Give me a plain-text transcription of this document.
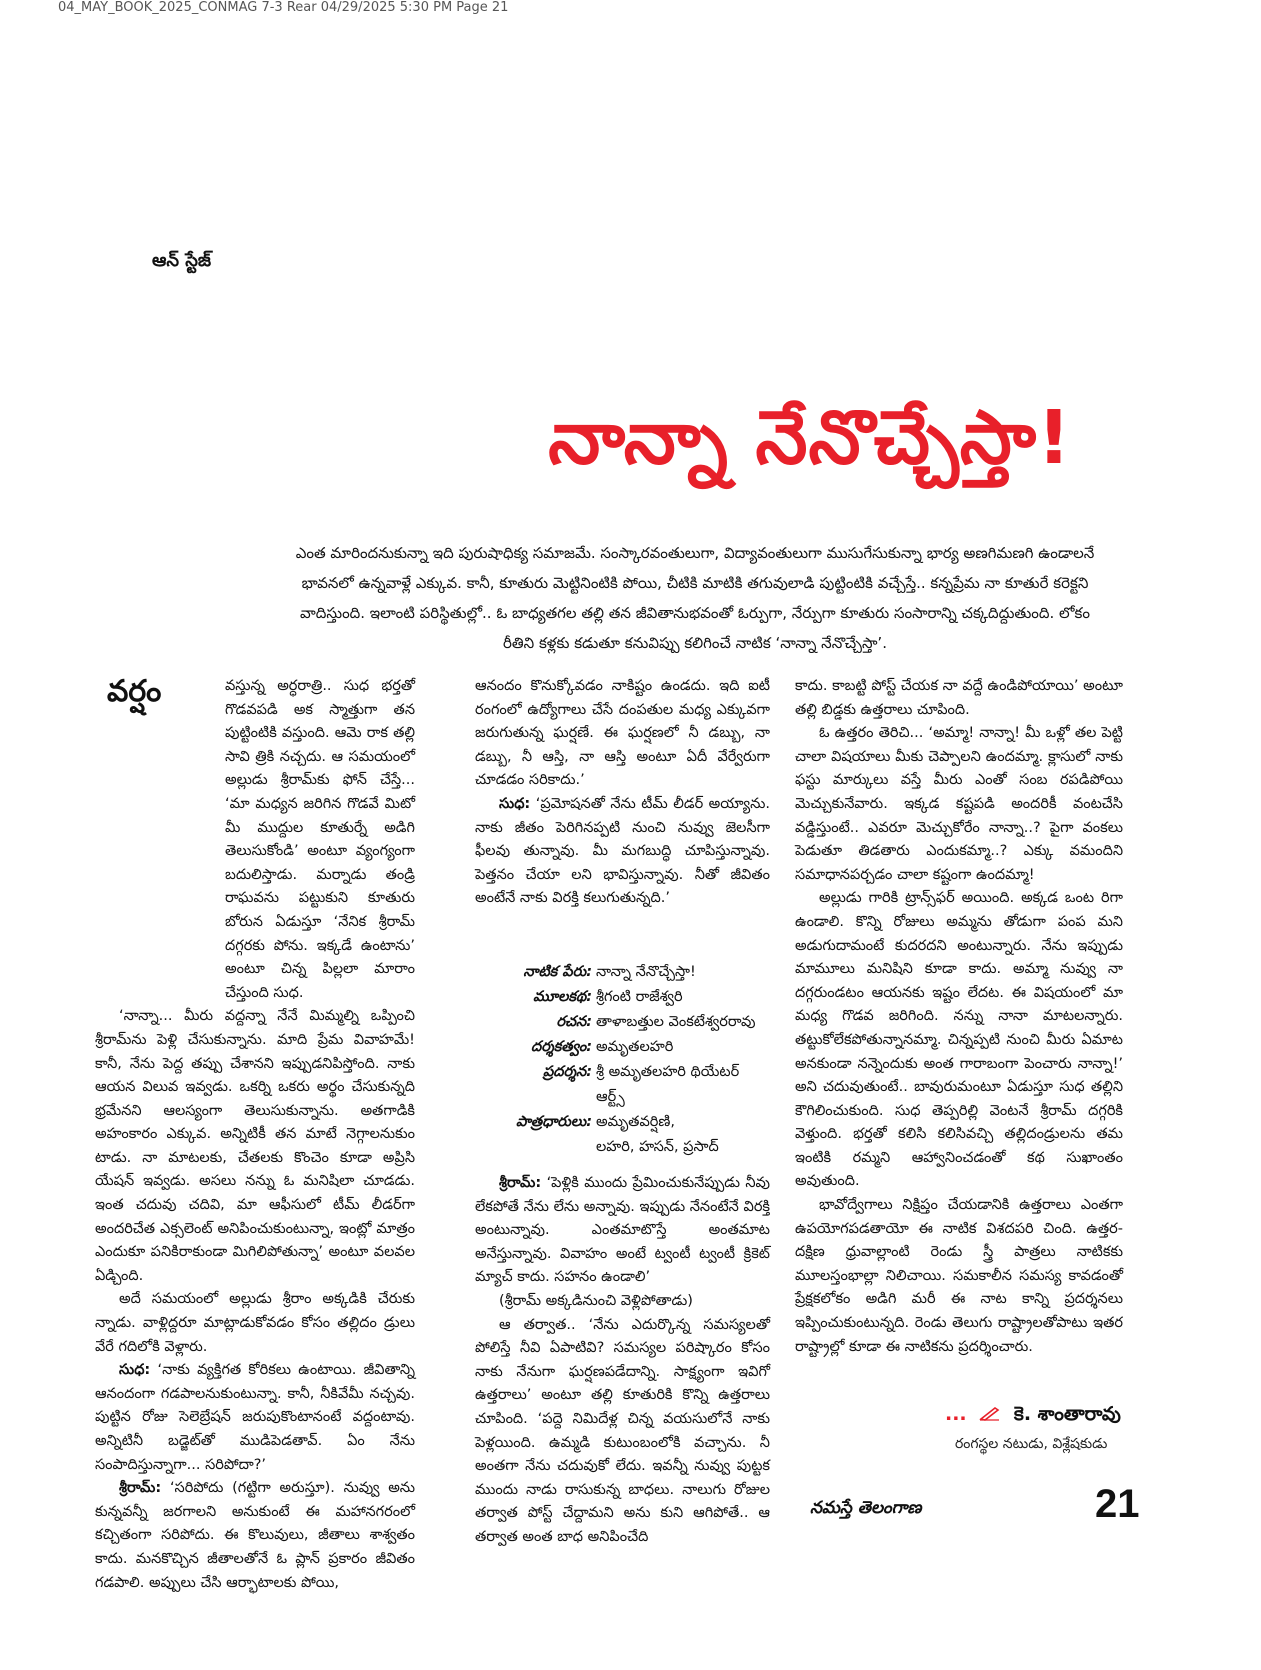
04_MAY_BOOK_2025_CONMAG 7-3 Rear 04/29/2025 5:30 PM Page 21
ఆన్ స్టేజ్
నాన్నా నేనొచ్చేస్తా!
ఎంత మారిందనుకున్నా ఇది పురుషాధిక్య సమాజమే. సంస్కారవంతులుగా, విద్యావంతులుగా ముసుగేసుకున్నా భార్య అణగిమణగి ఉండాలనే భావనలో ఉన్నవాళ్లే ఎక్కువ. కానీ, కూతురు మెట్టినింటికి పోయి, చీటికి మాటికి తగువులాడి పుట్టింటికి వచ్చేస్తే.. కన్నప్రేమ నా కూతురే కరెక్టని వాదిస్తుంది. ఇలాంటి పరిస్థితుల్లో.. ఓ బాధ్యతగల తల్లి తన జీవితానుభవంతో ఓర్పుగా, నేర్పుగా కూతురు సంసారాన్ని చక్కదిద్దుతుంది. లోకం రీతిని కళ్లకు కడుతూ కనువిప్పు కలిగించే నాటిక ‘నాన్నా నేనొచ్చేస్తా’.
వర్షం	వస్తున్న అర్ధరాత్రి.. సుధ భర్తతో గొడవపడి అక స్మాత్తుగా తన పుట్టింటికి వస్తుంది. ఆమె రాక తల్లి సావి త్రికి నచ్చదు. ఆ సమయంలో అల్లుడు శ్రీరామ్‌కు ఫోన్ చేస్తే... ‘మా మధ్యన జరిగిన గొడవే మిటో మీ ముద్దుల కూతుర్నే అడిగి తెలుసుకోండి’ అంటూ వ్యంగ్యంగా బదులిస్తాడు. మర్నాడు తండ్రి రాఘవను పట్టుకుని కూతురు బోరున ఏడుస్తూ ‘నేనిక శ్రీరామ్ దగ్గరకు పోను. ఇక్కడే ఉంటాను’ అంటూ చిన్న పిల్లలా మారాం చేస్తుంది సుధ.

‘నాన్నా... మీరు వద్దన్నా నేనే మిమ్మల్ని ఒప్పించి శ్రీరామ్‌ను పెళ్లి చేసుకున్నాను. మాది ప్రేమ వివాహమే! కానీ, నేను పెద్ద తప్పు చేశానని ఇప్పుడనిపిస్తోంది. నాకు ఆయన విలువ ఇవ్వడు. ఒకర్ని ఒకరు అర్థం చేసుకున్నది భ్రమేనని ఆలస్యంగా తెలుసుకున్నాను. అతగాడికి అహంకారం ఎక్కువ. అన్నిటికీ తన మాటే నెగ్గాలనుకుం టాడు. నా మాటలకు, చేతలకు కొంచెం కూడా అప్రిసి యేషన్ ఇవ్వడు. అసలు నన్ను ఓ మనిషిలా చూడడు. ఇంత చదువు చదివి, మా ఆఫీసులో టీమ్ లీడర్‌గా అందరిచేత ఎక్సలెంట్ అనిపించుకుంటున్నా, ఇంట్లో మాత్రం ఎందుకూ పనికిరాకుండా మిగిలిపోతున్నా’ అంటూ వలవల ఏడ్చింది.

అదే సమయంలో అల్లుడు శ్రీరాం అక్కడికి చేరుకు న్నాడు. వాళ్లిద్దరూ మాట్లాడుకోవడం కోసం తల్లిదం డ్రులు వేరే గదిలోకి వెళ్లారు.

సుధ: ‘నాకు వ్యక్తిగత కోరికలు ఉంటాయి. జీవితాన్ని ఆనందంగా గడపాలనుకుంటున్నా. కానీ, నీకివేమీ నచ్చవు. పుట్టిన రోజు సెలెబ్రేషన్ జరుపుకొంటానంటే వద్దంటావు. అన్నిటినీ బడ్జెట్‌తో ముడిపెడతావ్. ఏం నేను సంపాదిస్తున్నాగా... సరిపోదా?’

శ్రీరామ్: ‘సరిపోదు (గట్టిగా అరుస్తూ). నువ్వు అను కున్నవన్నీ జరగాలని అనుకుంటే ఈ మహానగరంలో కచ్చితంగా సరిపోదు. ఈ కొలువులు, జీతాలు శాశ్వతం కాదు. మనకొచ్చిన జీతాలతోనే ఓ ప్లాన్ ప్రకారం జీవితం గడపాలి. అప్పులు చేసి ఆర్భాటాలకు పోయి,

ఆనందం కొనుక్కోవడం నాకిష్టం ఉండదు. ఇది ఐటీ రంగంలో ఉద్యోగాలు చేసే దంపతుల మధ్య ఎక్కువగా జరుగుతున్న ఘర్షణే. ఈ ఘర్షణలో నీ డబ్బు, నా డబ్బు, నీ ఆస్తి, నా ఆస్తి అంటూ ఏదీ వేర్వేరుగా చూడడం సరికాదు.’

సుధ: ‘ప్రమోషనతో నేను టీమ్ లీడర్ అయ్యాను. నాకు జీతం పెరిగినప్పటి నుంచి నువ్వు జెలసీగా ఫీలవు తున్నావు. మీ మగబుద్ధి చూపిస్తున్నావు. పెత్తనం చేయా లని భావిస్తున్నావు. నీతో జీవితం అంటేనే నాకు విరక్తి కలుగుతున్నది.’

నాటిక పేరు: నాన్నా నేనొచ్చేస్తా!
మూలకథ: శ్రీగంటి రాజేశ్వరి
రచన: తాళాబత్తుల వెంకటేశ్వరరావు
దర్శకత్వం: అమృతలహరి
ప్రదర్శన: శ్రీ అమృతలహరి థియేటర్ ఆర్ట్స్
పాత్రధారులు: అమృతవర్షిణి,
లహరి, హసన్, ప్రసాద్

శ్రీరామ్: ‘పెళ్లికి ముందు ప్రేమించుకునేప్పుడు నీవు లేకపోతే నేను లేను అన్నావు. ఇప్పుడు నేనంటేనే విరక్తి అంటున్నావు. ఎంతమాటొస్తే అంతమాట అనేస్తున్నావు. వివాహం అంటే ట్వంటీ ట్వంటీ క్రికెట్ మ్యాచ్ కాదు. సహనం ఉండాలి’

(శ్రీరామ్ అక్కడినుంచి వెళ్లిపోతాడు)

ఆ తర్వాత.. ‘నేను ఎదుర్కొన్న సమస్యలతో పోలిస్తే నీవి ఏపాటివి? సమస్యల పరిష్కారం కోసం నాకు నేనుగా ఘర్షణపడేదాన్ని. సాక్ష్యంగా ఇవిగో ఉత్తరాలు’ అంటూ తల్లి కూతురికి కొన్ని ఉత్తరాలు చూపింది. ‘పద్దె నిమిదేళ్ల చిన్న వయసులోనే నాకు పెళ్లయింది. ఉమ్మడి కుటుంబంలోకి వచ్చాను. నీ అంతగా నేను చదువుకో లేదు. ఇవన్నీ నువ్వు పుట్టక ముందు నాడు రాసుకున్న బాధలు. నాలుగు రోజుల తర్వాత పోస్ట్ చేద్దామని అను కుని ఆగిపోతే.. ఆ తర్వాత అంత బాధ అనిపించేది

కాదు. కాబట్టి పోస్ట్ చేయక నా వద్దే ఉండిపోయాయి’ అంటూ తల్లి బిడ్డకు ఉత్తరాలు చూపింది.

ఓ ఉత్తరం తెరిచి... ‘అమ్మా! నాన్నా! మీ ఒళ్లో తల పెట్టి చాలా విషయాలు మీకు చెప్పాలని ఉందమ్మా. క్లాసులో నాకు ఫస్టు మార్కులు వస్తే మీరు ఎంతో సంబ రపడిపోయి మెచ్చుకునేవారు. ఇక్కడ కష్టపడి అందరికీ వంటచేసి వడ్డిస్తుంటే.. ఎవరూ మెచ్చుకోరేం నాన్నా..? పైగా వంకలు పెడుతూ తిడతారు ఎందుకమ్మా..? ఎక్కు వమందిని సమాధానపర్చడం చాలా కష్టంగా ఉందమ్మా!

అల్లుడు గారికి ట్రాన్స్‌ఫర్ అయింది. అక్కడ ఒంట రిగా ఉండాలి. కొన్ని రోజులు అమ్మను తోడుగా పంప మని అడుగుదామంటే కుదరదని అంటున్నారు. నేను ఇప్పుడు మామూలు మనిషిని కూడా కాదు. అమ్మా నువ్వు నా దగ్గరుండటం ఆయనకు ఇష్టం లేదట. ఈ విషయంలో మా మధ్య గొడవ జరిగింది. నన్ను నానా మాటలన్నారు. తట్టుకోలేకపోతున్నానమ్మా. చిన్నప్పటి నుంచి మీరు ఏమాట అనకుండా నన్నెందుకు అంత గారాబంగా పెంచారు నాన్నా!’ అని చదువుతుంటే.. బావురుమంటూ ఏడుస్తూ సుధ తల్లిని కౌగిలించుకుంది. సుధ తెప్పరిల్లి వెంటనే శ్రీరామ్ దగ్గరికి వెళ్తుంది. భర్తతో కలిసి కలిసివచ్చి తల్లిదండ్రులను తమ ఇంటికి రమ్మని ఆహ్వానించడంతో కథ సుఖాంతం అవుతుంది.

భావోద్వేగాలు నిక్షిప్తం చేయడానికి ఉత్తరాలు ఎంతగా ఉపయోగపడతాయో ఈ నాటిక విశదపరి చింది. ఉత్తర-దక్షిణ ధ్రువాల్లాంటి రెండు స్త్రీ పాత్రలు నాటికకు మూలస్తంభాల్లా నిలిచాయి. సమకాలీన సమస్య కావడంతో ప్రేక్షకలోకం అడిగి మరీ ఈ నాట కాన్ని ప్రదర్శనలు ఇప్పించుకుంటున్నది. రెండు తెలుగు రాష్ట్రాలతోపాటు ఇతర రాష్ట్రాల్లో కూడా ఈ నాటికను ప్రదర్శించారు.

... కె. శాంతారావు
రంగస్థల నటుడు, విశ్లేషకుడు
నమస్తే తెలంగాణ	21
